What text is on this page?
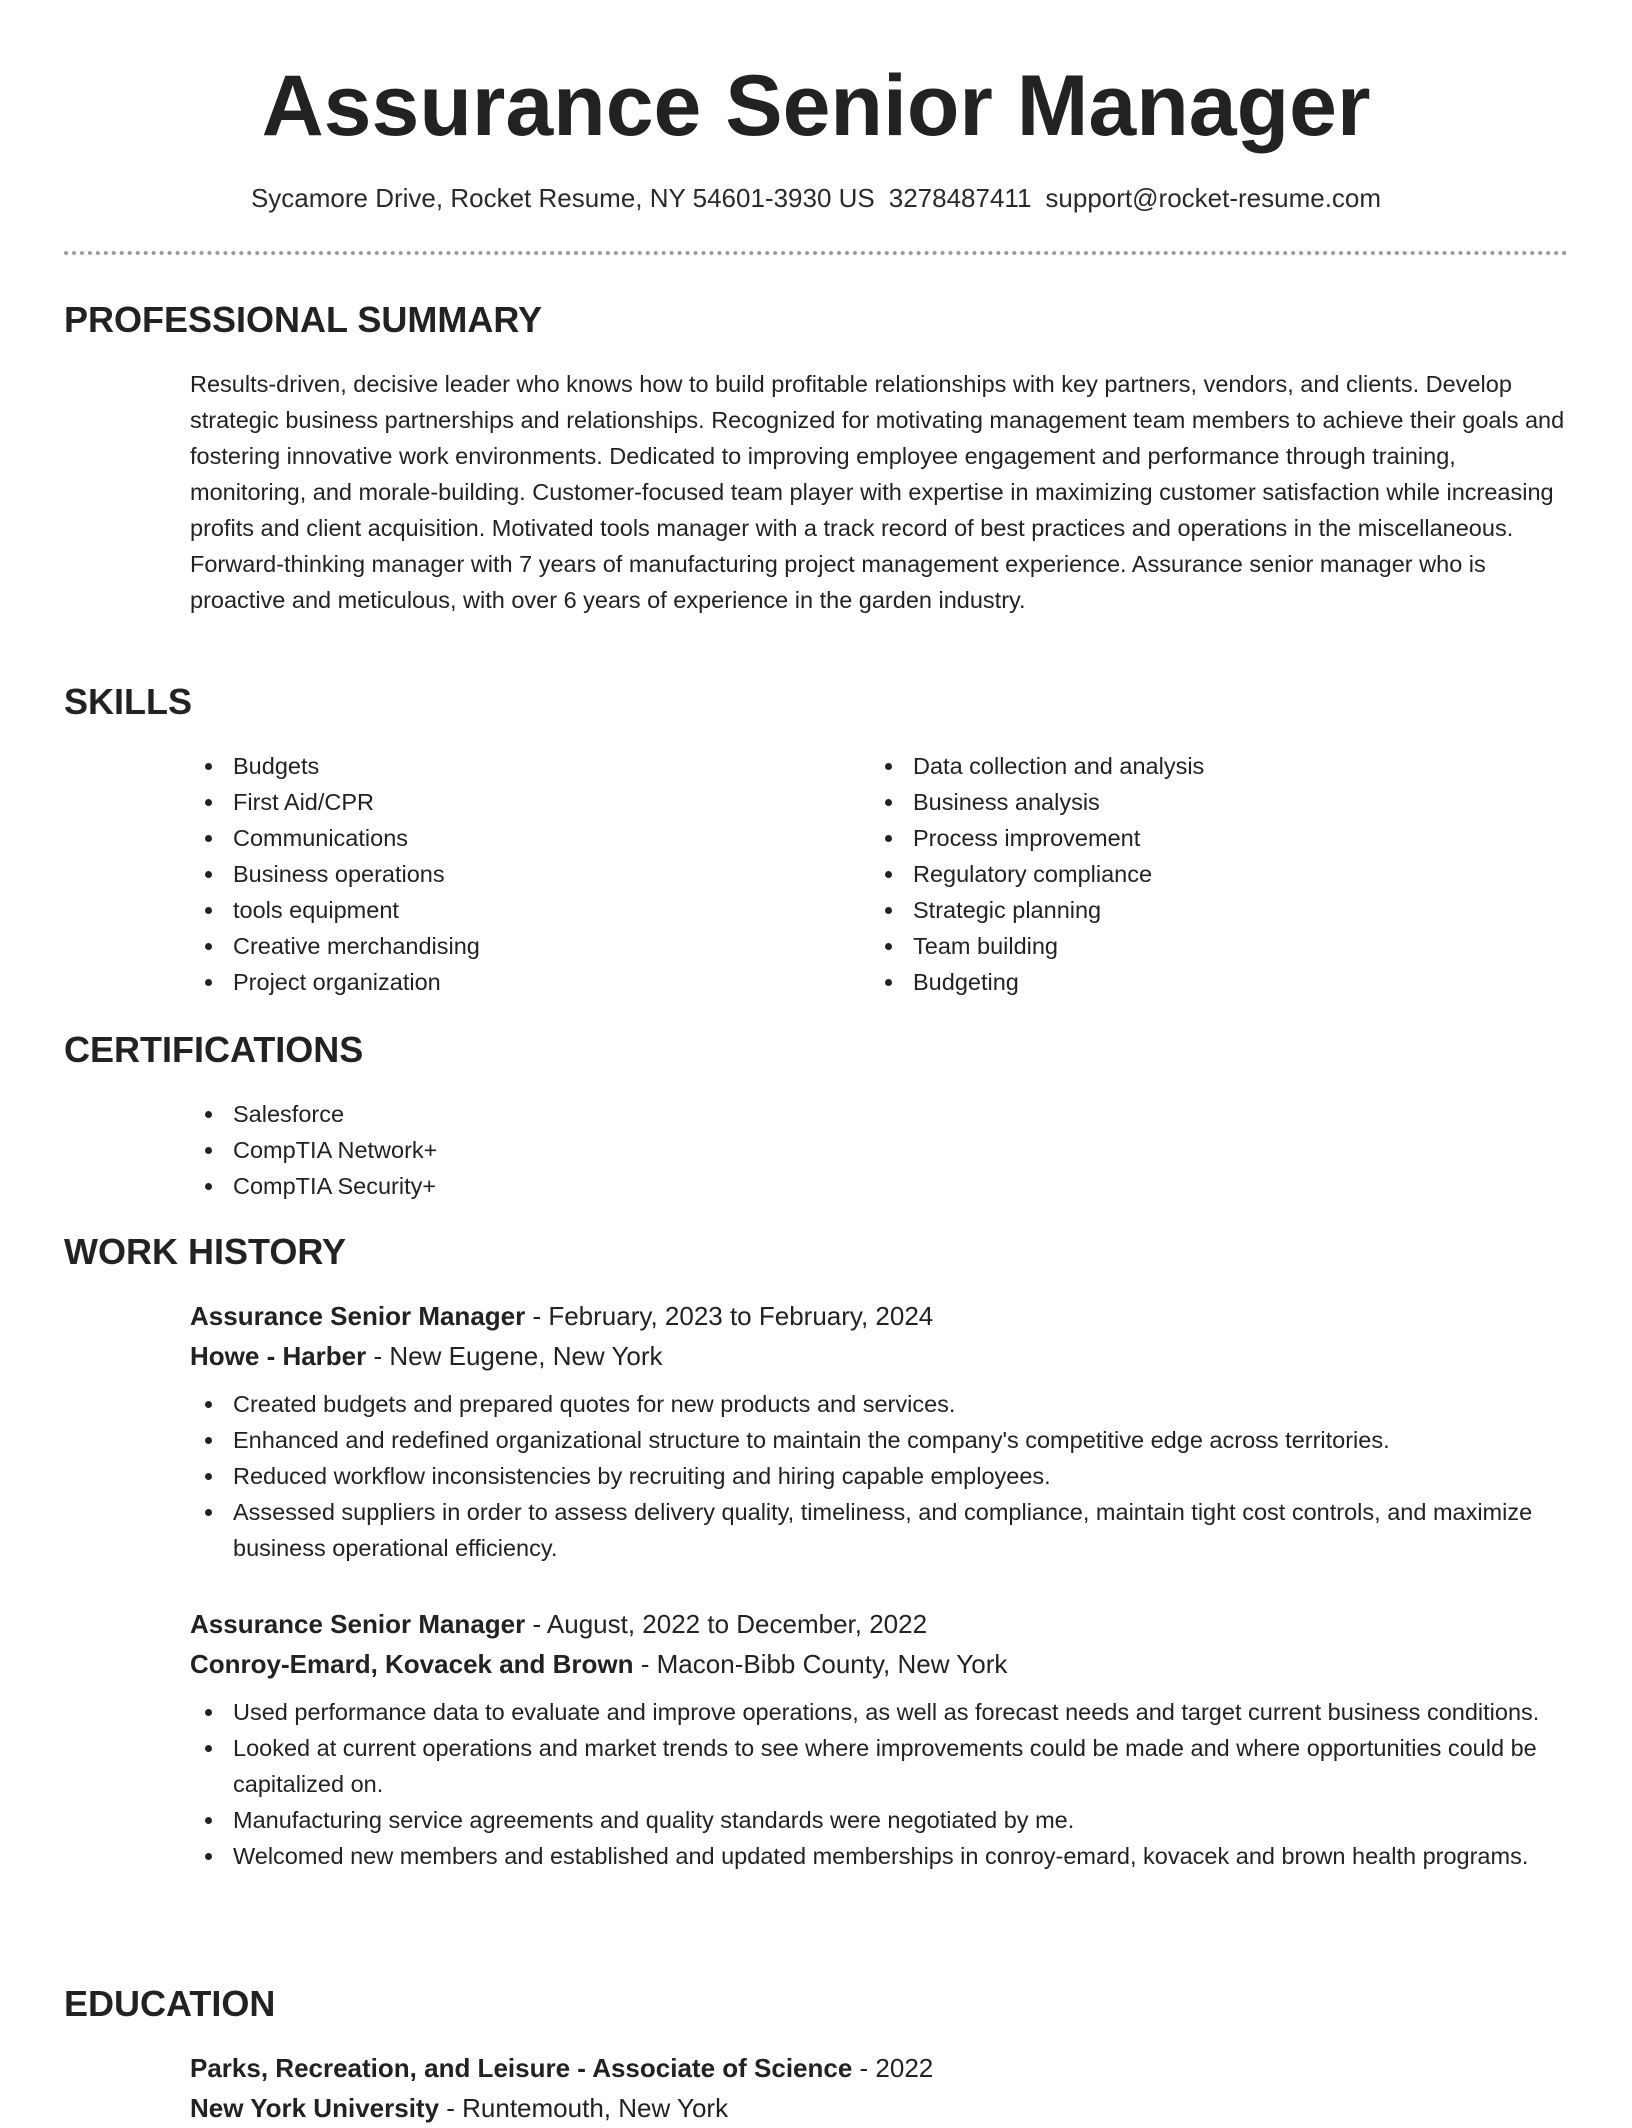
Assurance Senior Manager
Sycamore Drive, Rocket Resume, NY 54601-3930 US 3278487411 support@rocket-resume.com
PROFESSIONAL SUMMARY

Results-driven, decisive leader who knows how to build profitable relationships with key partners, vendors, and clients. Develop strategic business partnerships and relationships. Recognized for motivating management team members to achieve their goals and fostering innovative work environments. Dedicated to improving employee engagement and performance through training, monitoring, and morale-building. Customer-focused team player with expertise in maximizing customer satisfaction while increasing profits and client acquisition. Motivated tools manager with a track record of best practices and operations in the miscellaneous. Forward-thinking manager with 7 years of manufacturing project management experience. Assurance senior manager who is proactive and meticulous, with over 6 years of experience in the garden industry.

SKILLS
Budgets
First Aid/CPR
Communications
Business operations
tools equipment
Creative merchandising
Project organization
Data collection and analysis
Business analysis
Process improvement
Regulatory compliance
Strategic planning
Team building
Budgeting
CERTIFICATIONS
Salesforce
CompTIA Network+
CompTIA Security+
WORK HISTORY

Assurance Senior Manager - February, 2023 to February, 2024

Howe - Harber - New Eugene, New York

Created budgets and prepared quotes for new products and services.
Enhanced and redefined organizational structure to maintain the company's competitive edge across territories.
Reduced workflow inconsistencies by recruiting and hiring capable employees.
Assessed suppliers in order to assess delivery quality, timeliness, and compliance, maintain tight cost controls, and maximize business operational efficiency.

Assurance Senior Manager - August, 2022 to December, 2022

Conroy-Emard, Kovacek and Brown - Macon-Bibb County, New York

Used performance data to evaluate and improve operations, as well as forecast needs and target current business conditions.
Looked at current operations and market trends to see where improvements could be made and where opportunities could be capitalized on.
Manufacturing service agreements and quality standards were negotiated by me.
Welcomed new members and established and updated memberships in conroy-emard, kovacek and brown health programs.
EDUCATION

Parks, Recreation, and Leisure - Associate of Science - 2022

New York University - Runtemouth, New York
